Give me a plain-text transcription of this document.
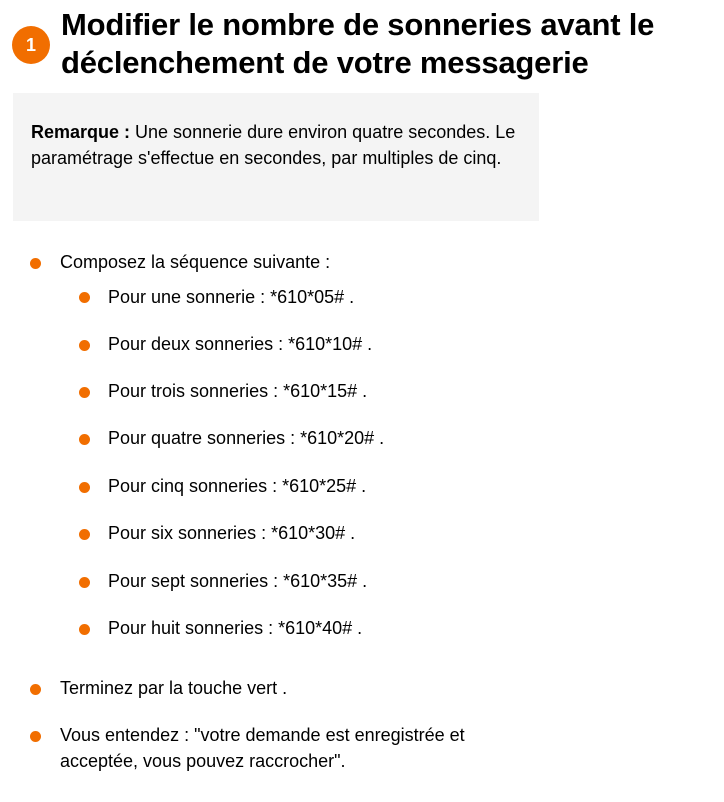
1
Modifier le nombre de sonneries avant le déclenchement de votre messagerie
Remarque : Une sonnerie dure environ quatre secondes. Le paramétrage s'effectue en secondes, par multiples de cinq.
Composez la séquence suivante :
Pour une sonnerie : *610*05# .
Pour deux sonneries : *610*10# .
Pour trois sonneries : *610*15# .
Pour quatre sonneries : *610*20# .
Pour cinq sonneries : *610*25# .
Pour six sonneries : *610*30# .
Pour sept sonneries : *610*35# .
Pour huit sonneries : *610*40# .
Terminez par la touche vert .
Vous entendez : "votre demande est enregistrée et acceptée, vous pouvez raccrocher".
